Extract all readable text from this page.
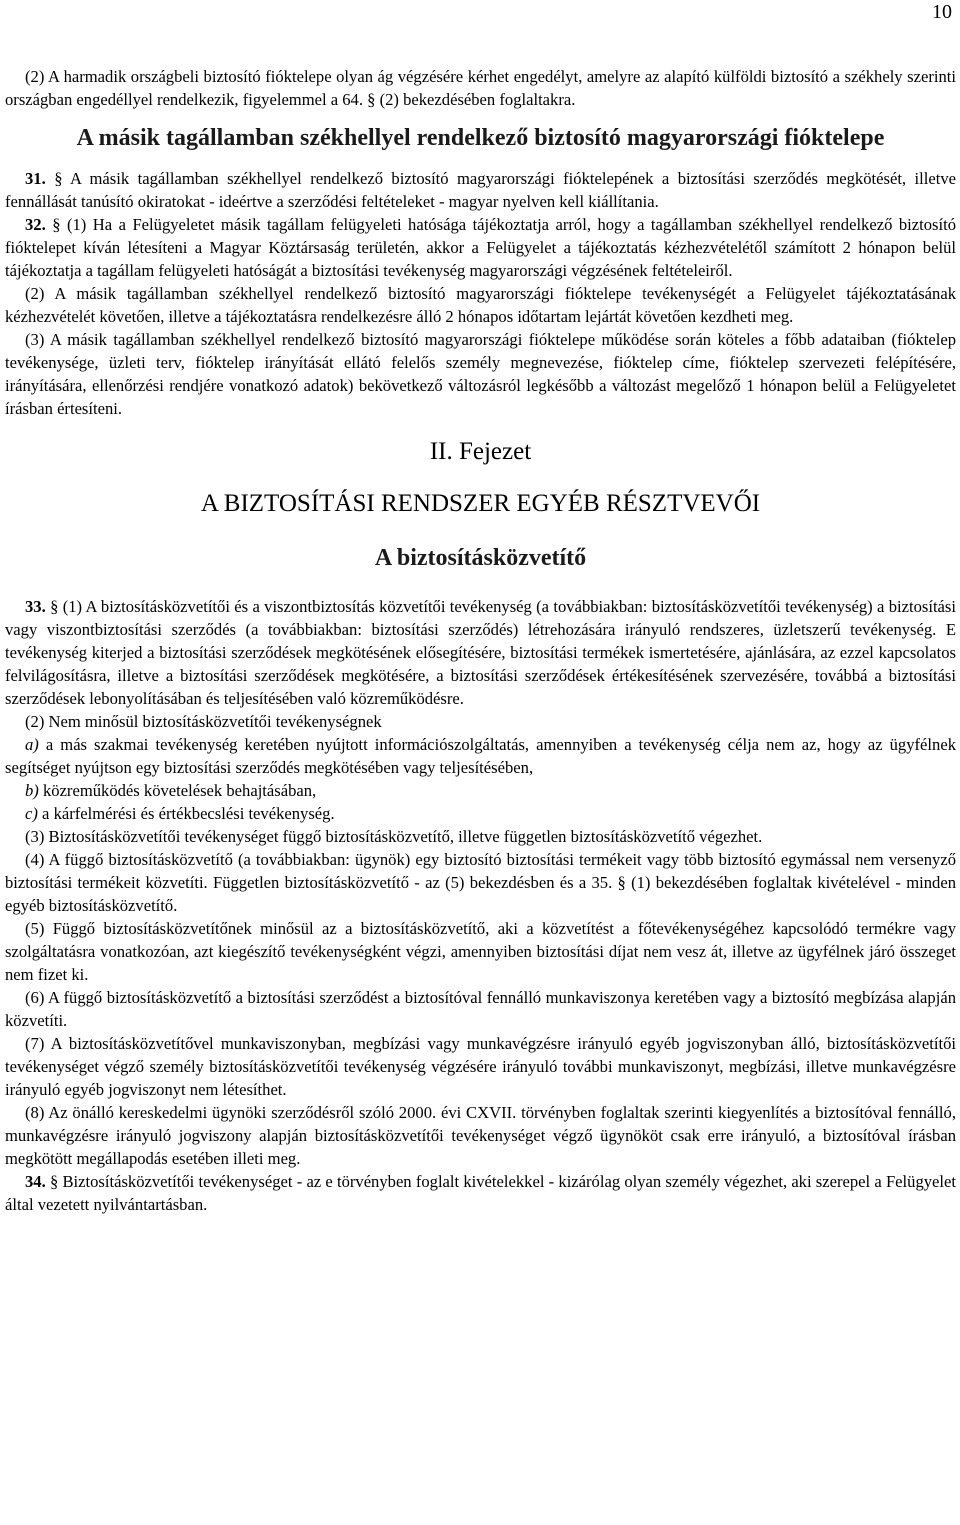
10

(2) A harmadik országbeli biztosító fióktelepe olyan ág végzésére kérhet engedélyt, amelyre az alapító külföldi biztosító a székhely szerinti országban engedéllyel rendelkezik, figyelemmel a 64. § (2) bekezdésében foglaltakra.

A másik tagállamban székhellyel rendelkező biztosító magyarországi fióktelepe

31. § A másik tagállamban székhellyel rendelkező biztosító magyarországi fióktelepének a biztosítási szerződés megkötését, illetve fennállását tanúsító okiratokat - ideértve a szerződési feltételeket - magyar nyelven kell kiállítania.

32. § (1) Ha a Felügyeletet másik tagállam felügyeleti hatósága tájékoztatja arról, hogy a tagállamban székhellyel rendelkező biztosító fióktelepet kíván létesíteni a Magyar Köztársaság területén, akkor a Felügyelet a tájékoztatás kézhezvételétől számított 2 hónapon belül tájékoztatja a tagállam felügyeleti hatóságát a biztosítási tevékenység magyarországi végzésének feltételeiről.

(2) A másik tagállamban székhellyel rendelkező biztosító magyarországi fióktelepe tevékenységét a Felügyelet tájékoztatásának kézhezvételét követően, illetve a tájékoztatásra rendelkezésre álló 2 hónapos időtartam lejártát követően kezdheti meg.

(3) A másik tagállamban székhellyel rendelkező biztosító magyarországi fióktelepe működése során köteles a főbb adataiban (fióktelep tevékenysége, üzleti terv, fióktelep irányítását ellátó felelős személy megnevezése, fióktelep címe, fióktelep szervezeti felépítésére, irányítására, ellenőrzési rendjére vonatkozó adatok) bekövetkező változásról legkésőbb a változást megelőző 1 hónapon belül a Felügyeletet írásban értesíteni.

II. Fejezet
A BIZTOSÍTÁSI RENDSZER EGYÉB RÉSZTVEVŐI
A biztosításközvetítő

33. § (1) A biztosításközvetítői és a viszontbiztosítás közvetítői tevékenység (a továbbiakban: biztosításközvetítői tevékenység) a biztosítási vagy viszontbiztosítási szerződés (a továbbiakban: biztosítási szerződés) létrehozására irányuló rendszeres, üzletszerű tevékenység. E tevékenység kiterjed a biztosítási szerződések megkötésének elősegítésére, biztosítási termékek ismertetésére, ajánlására, az ezzel kapcsolatos felvilágosításra, illetve a biztosítási szerződések megkötésére, a biztosítási szerződések értékesítésének szervezésére, továbbá a biztosítási szerződések lebonyolításában és teljesítésében való közreműködésre.

(2) Nem minősül biztosításközvetítői tevékenységnek

a) a más szakmai tevékenység keretében nyújtott információszolgáltatás, amennyiben a tevékenység célja nem az, hogy az ügyfélnek segítséget nyújtson egy biztosítási szerződés megkötésében vagy teljesítésében,

b) közreműködés követelések behajtásában,

c) a kárfelmérési és értékbecslési tevékenység.

(3) Biztosításközvetítői tevékenységet függő biztosításközvetítő, illetve független biztosításközvetítő végezhet.

(4) A függő biztosításközvetítő (a továbbiakban: ügynök) egy biztosító biztosítási termékeit vagy több biztosító egymással nem versenyző biztosítási termékeit közvetíti. Független biztosításközvetítő - az (5) bekezdésben és a 35. § (1) bekezdésében foglaltak kivételével - minden egyéb biztosításközvetítő.

(5) Függő biztosításközvetítőnek minősül az a biztosításközvetítő, aki a közvetítést a főtevékenységéhez kapcsolódó termékre vagy szolgáltatásra vonatkozóan, azt kiegészítő tevékenységként végzi, amennyiben biztosítási díjat nem vesz át, illetve az ügyfélnek járó összeget nem fizet ki.

(6) A függő biztosításközvetítő a biztosítási szerződést a biztosítóval fennálló munkaviszonya keretében vagy a biztosító megbízása alapján közvetíti.

(7) A biztosításközvetítővel munkaviszonyban, megbízási vagy munkavégzésre irányuló egyéb jogviszonyban álló, biztosításközvetítői tevékenységet végző személy biztosításközvetítői tevékenység végzésére irányuló további munkaviszonyt, megbízási, illetve munkavégzésre irányuló egyéb jogviszonyt nem létesíthet.

(8) Az önálló kereskedelmi ügynöki szerződésről szóló 2000. évi CXVII. törvényben foglaltak szerinti kiegyenlítés a biztosítóval fennálló, munkavégzésre irányuló jogviszony alapján biztosításközvetítői tevékenységet végző ügynököt csak erre irányuló, a biztosítóval írásban megkötött megállapodás esetében illeti meg.

34. § Biztosításközvetítői tevékenységet - az e törvényben foglalt kivételekkel - kizárólag olyan személy végezhet, aki szerepel a Felügyelet által vezetett nyilvántartásban.
